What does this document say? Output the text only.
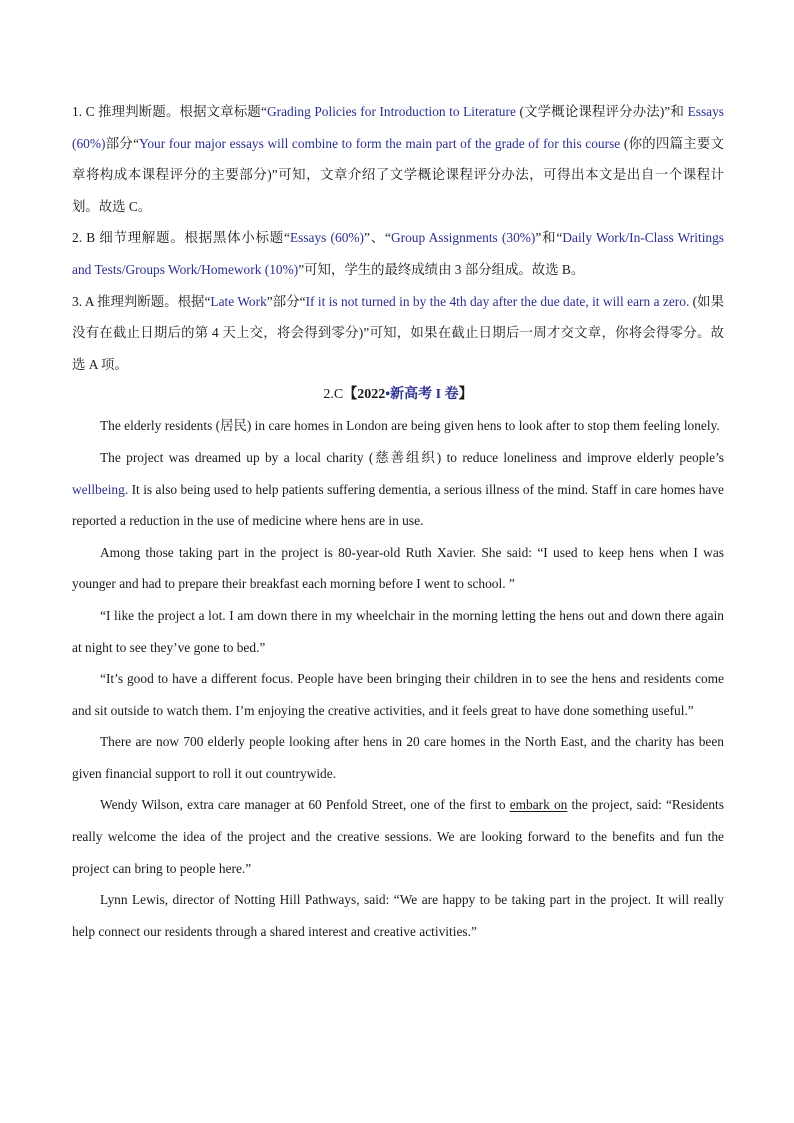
1. C 推理判断题。根据文章标题“Grading Policies for Introduction to Literature (文学概论课程评分办法)”和 Essays (60%)部分“Your four major essays will combine to form the main part of the grade of for this course (你的四篇主要文章将构成本课程评分的主要部分)”可知，文章介绍了文学概论课程评分办法，可得出本文是出自一个课程计划。故选 C。

2. B 细节理解题。根据黑体小标题“Essays (60%)”、“Group Assignments (30%)”和“Daily Work/In-Class Writings and Tests/Groups Work/Homework (10%)”可知，学生的最终成绩由 3 部分组成。故选 B。

3. A 推理判断题。根据“Late Work”部分“If it is not turned in by the 4th day after the due date, it will earn a zero. (如果没有在截止日期后的第 4 天上交，将会得到零分)”可知，如果在截止日期后一周才交文章，你将会得零分。故选 A 项。

2.C【2022•新高考 I 卷】

The elderly residents (居民) in care homes in London are being given hens to look after to stop them feeling lonely.

The project was dreamed up by a local charity (慈善组织) to reduce loneliness and improve elderly people’s wellbeing. It is also being used to help patients suffering dementia, a serious illness of the mind. Staff in care homes have reported a reduction in the use of medicine where hens are in use.

Among those taking part in the project is 80-year-old Ruth Xavier. She said: “I used to keep hens when I was younger and had to prepare their breakfast each morning before I went to school. ”

“I like the project a lot. I am down there in my wheelchair in the morning letting the hens out and down there again at night to see they’ve gone to bed.”

“It’s good to have a different focus. People have been bringing their children in to see the hens and residents come and sit outside to watch them. I’m enjoying the creative activities, and it feels great to have done something useful.”

There are now 700 elderly people looking after hens in 20 care homes in the North East, and the charity has been given financial support to roll it out countrywide.

Wendy Wilson, extra care manager at 60 Penfold Street, one of the first to embark on the project, said: “Residents really welcome the idea of the project and the creative sessions. We are looking forward to the benefits and fun the project can bring to people here.”

Lynn Lewis, director of Notting Hill Pathways, said: “We are happy to be taking part in the project. It will really help connect our residents through a shared interest and creative activities.”
